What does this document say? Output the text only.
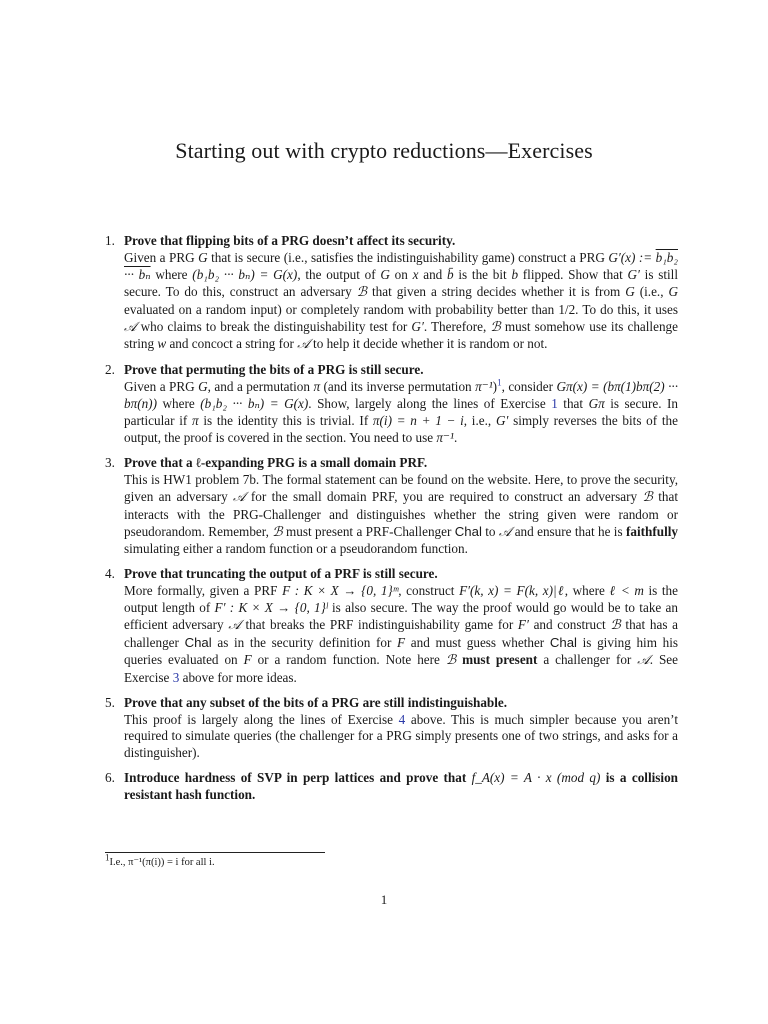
Starting out with crypto reductions—Exercises
1. Prove that flipping bits of a PRG doesn’t affect its security.
Given a PRG G that is secure (i.e., satisfies the indistinguishability game) construct a PRG G′(x) := b₁b₂ ··· bₙ where (b₁b₂ ··· bₙ) = G(x), the output of G on x and b̄ is the bit b flipped. Show that G′ is still secure. To do this, construct an adversary ℬ that given a string decides whether it is from G (i.e., G evaluated on a random input) or completely random with probability better than 1/2. To do this, it uses 𝒜 who claims to break the distinguishability test for G′. Therefore, ℬ must somehow use its challenge string w and concoct a string for 𝒜 to help it decide whether it is random or not.
2. Prove that permuting the bits of a PRG is still secure.
Given a PRG G, and a permutation π (and its inverse permutation π⁻¹)$^1$, consider Gπ(x) = (bπ(1)bπ(2) ··· bπ(n)) where (b₁b₂ ··· bₙ) = G(x). Show, largely along the lines of Exercise 1 that Gπ is secure. In particular if π is the identity this is trivial. If π(i) = n + 1 − i, i.e., G′ simply reverses the bits of the output, the proof is covered in the section. You need to use π⁻¹.
3. Prove that a ℓ-expanding PRG is a small domain PRF.
This is HW1 problem 7b. The formal statement can be found on the website. Here, to prove the security, given an adversary 𝒜 for the small domain PRF, you are required to construct an adversary ℬ that interacts with the PRG-Challenger and distinguishes whether the string given were random or pseudorandom. Remember, ℬ must present a PRF-Challenger Chal to 𝒜 and ensure that he is faithfully simulating either a random function or a pseudorandom function.
4. Prove that truncating the output of a PRF is still secure.
More formally, given a PRF F : K × X → {0, 1}ᵐ, construct F′(k, x) = F(k, x)|ℓ, where ℓ < m is the output length of F′ : K × X → {0, 1}ˡ is also secure. The way the proof would go would be to take an efficient adversary 𝒜 that breaks the PRF indistinguishability game for F′ and construct ℬ that has a challenger Chal as in the security definition for F and must guess whether Chal is giving him his queries evaluated on F or a random function. Note here ℬ must present a challenger for 𝒜. See Exercise 3 above for more ideas.
5. Prove that any subset of the bits of a PRG are still indistinguishable.
This proof is largely along the lines of Exercise 4 above. This is much simpler because you aren’t required to simulate queries (the challenger for a PRG simply presents one of two strings, and asks for a distinguisher).
6. Introduce hardness of SVP in perp lattices and prove that f_A(x) = A · x (mod q) is a collision resistant hash function.
$^1$I.e., π⁻¹(π(i)) = i for all i.
1
